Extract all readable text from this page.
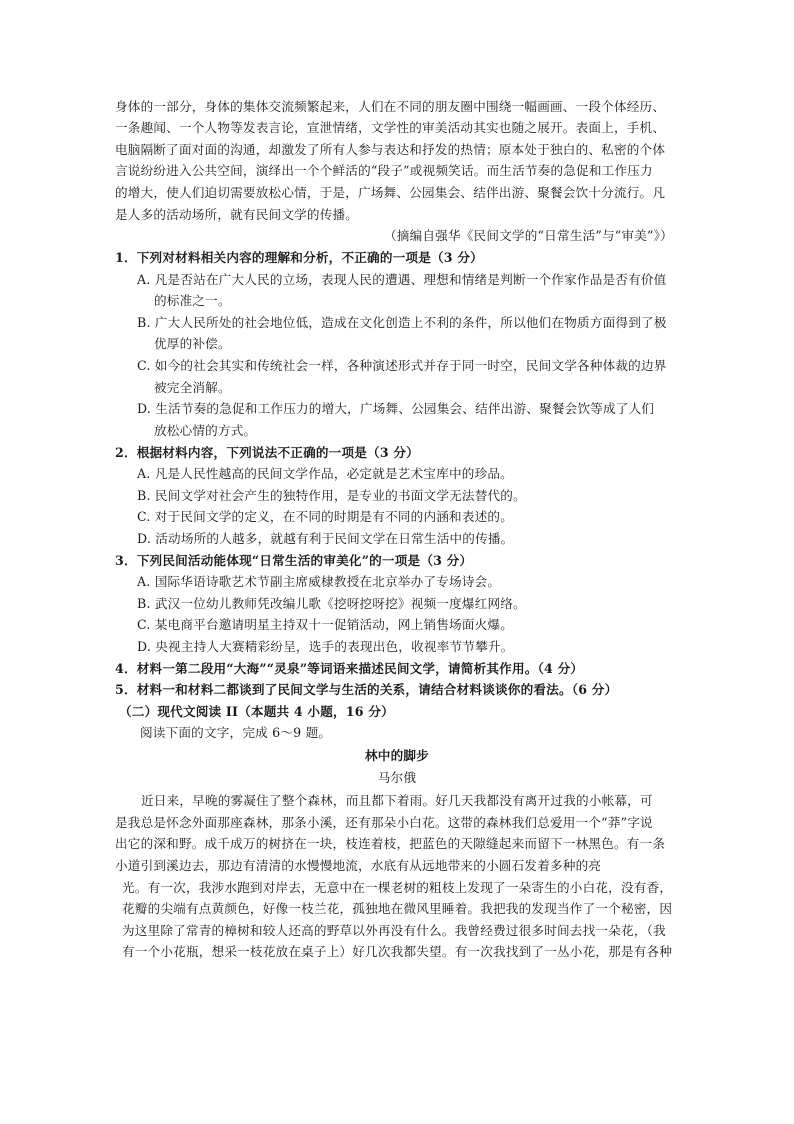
身体的一部分，身体的集体交流频繁起来，人们在不同的朋友圈中围绕一幅画画、一段个体经历、
一条趣闻、一个人物等发表言论，宣泄情绪，文学性的审美活动其实也随之展开。表面上，手机、
电脑隔断了面对面的沟通，却激发了所有人参与表达和抒发的热情；原本处于独白的、私密的个体
言说纷纷进入公共空间，演绎出一个个鲜活的“段子”或视频笑话。而生活节奏的急促和工作压力
的增大，使人们迫切需要放松心情，于是，广场舞、公园集会、结伴出游、聚餐会饮十分流行。凡
是人多的活动场所，就有民间文学的传播。
（摘编自强华《民间文学的“日常生活”与“审美”》）
1．下列对材料相关内容的理解和分析，不正确的一项是（3 分）
A. 凡是否站在广大人民的立场，表现人民的遭遇、理想和情绪是判断一个作家作品是否有价值
的标准之一。
B. 广大人民所处的社会地位低，造成在文化创造上不利的条件，所以他们在物质方面得到了极
优厚的补偿。
C. 如今的社会其实和传统社会一样，各种演述形式并存于同一时空，民间文学各种体裁的边界
被完全消解。
D. 生活节奏的急促和工作压力的增大，广场舞、公园集会、结伴出游、聚餐会饮等成了人们
放松心情的方式。
2．根据材料内容，下列说法不正确的一项是（3 分）
A. 凡是人民性越高的民间文学作品，必定就是艺术宝库中的珍品。
B. 民间文学对社会产生的独特作用，是专业的书面文学无法替代的。
C. 对于民间文学的定义，在不同的时期是有不同的内涵和表述的。
D. 活动场所的人越多，就越有利于民间文学在日常生活中的传播。
3．下列民间活动能体现“日常生活的审美化”的一项是（3 分）
A. 国际华语诗歌艺术节副主席威棣教授在北京举办了专场诗会。
B. 武汉一位幼儿教师凭改编儿歌《挖呀挖呀挖》视频一度爆红网络。
C. 某电商平台邀请明星主持双十一促销活动，网上销售场面火爆。
D. 央视主持人大赛精彩纷呈，选手的表现出色，收视率节节攀升。
4．材料一第二段用“大海”“灵泉”等词语来描述民间文学，请简析其作用。（4 分）
5．材料一和材料二都谈到了民间文学与生活的关系，请结合材料谈谈你的看法。（6 分）
（二）现代文阅读 II（本题共 4 小题，16 分）
阅读下面的文字，完成 6～9 题。
林中的脚步
马尔俄
近日来，早晚的雾凝住了整个森林，而且都下着雨。好几天我都没有离开过我的小帐幕，可
是我总是怀念外面那座森林，那条小溪，还有那朵小白花。这带的森林我们总爱用一个“莽”字说
出它的深和野。成千成万的树挤在一块，枝连着枝，把蓝色的天隙缝起来而留下一林黑色。有一条
小道引到溪边去，那边有清清的水慢慢地流，水底有从远地带来的小圆石发着多种的亮
光。有一次，我涉水跑到对岸去，无意中在一棵老树的粗枝上发现了一朵寄生的小白花，没有香，
花瓣的尖端有点黄颜色，好像一枝兰花，孤独地在微风里睡着。我把我的发现当作了一个秘密，因
为这里除了常青的樟树和较人还高的野草以外再没有什么。我曾经费过很多时间去找一朵花，（我
有一个小花瓶，想采一枝花放在桌子上）好几次我都失望。有一次我找到了一丛小花，那是有各种
